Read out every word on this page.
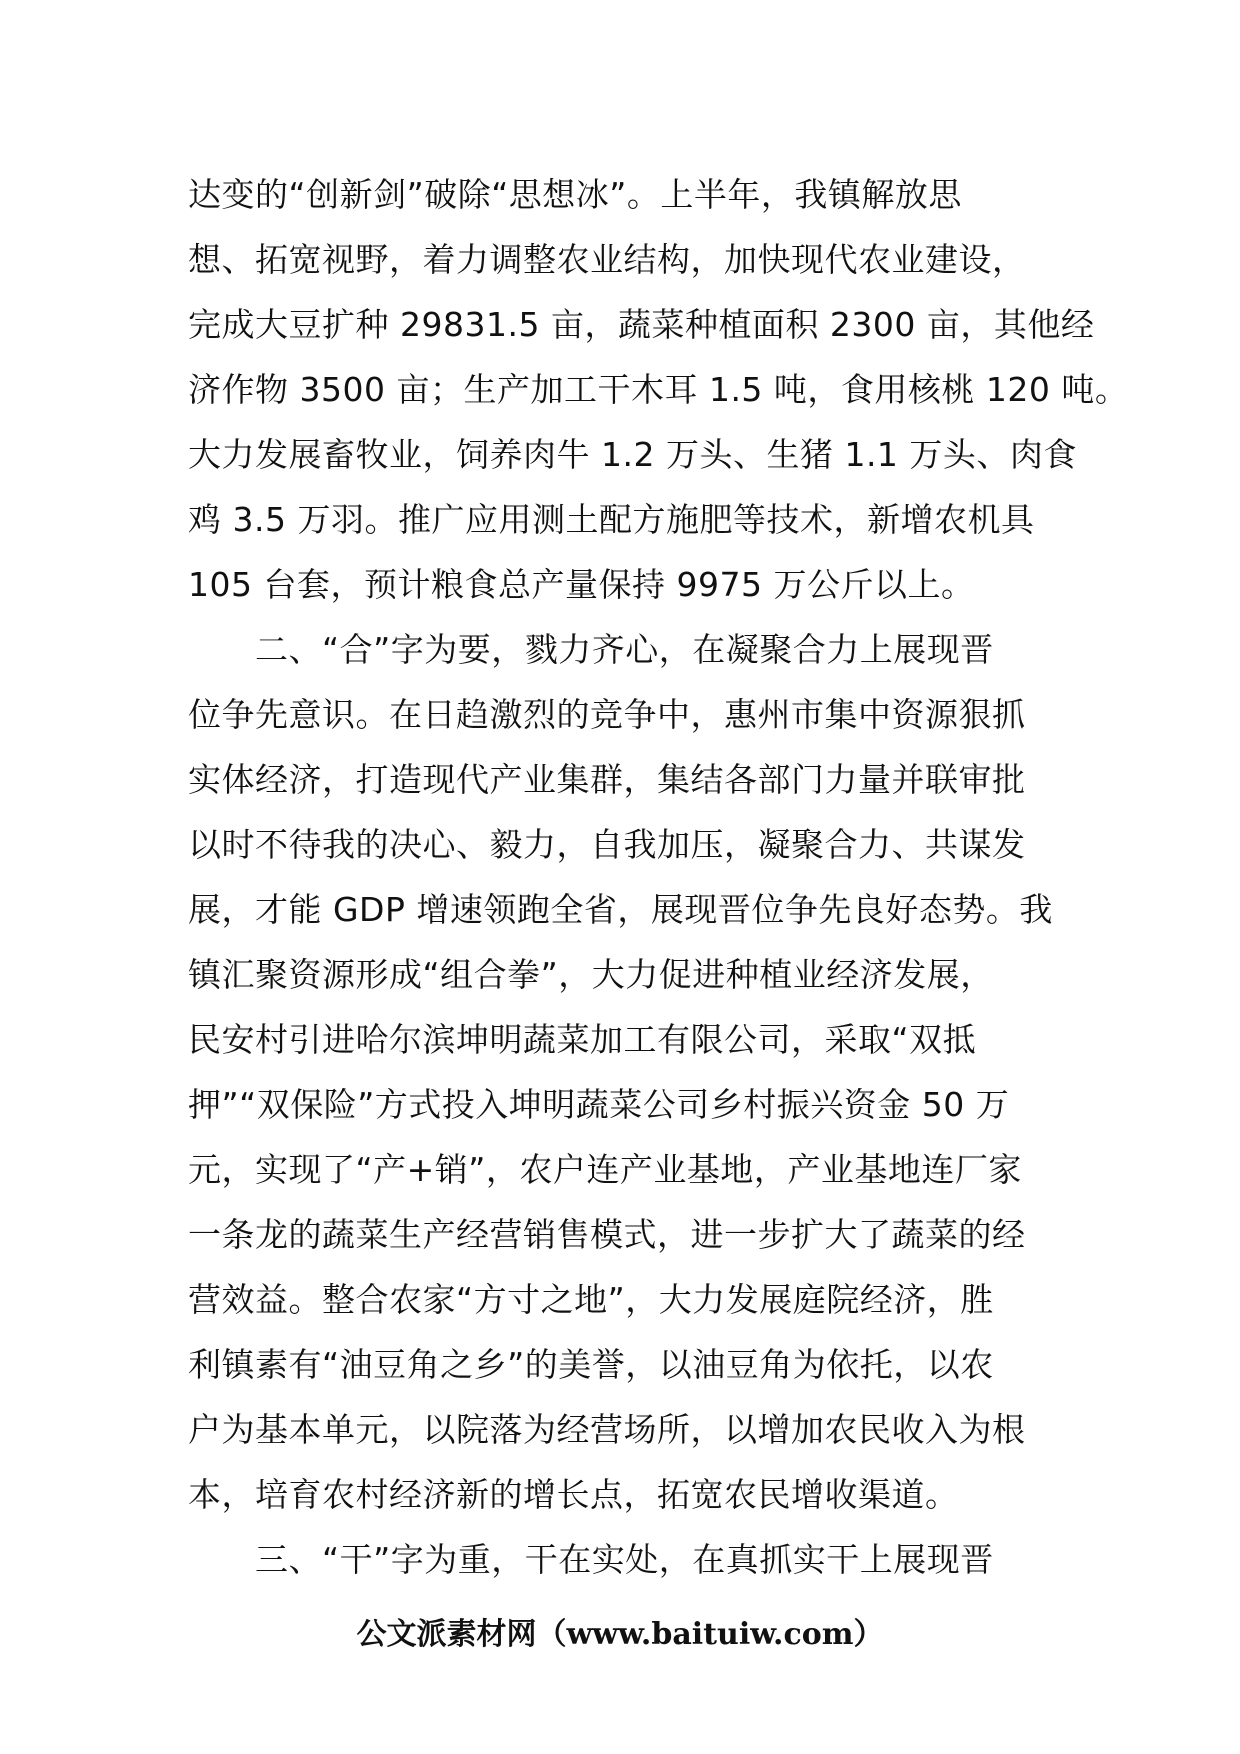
达变的“创新剑”破除“思想冰”。上半年，我镇解放思
想、拓宽视野，着力调整农业结构，加快现代农业建设，
完成大豆扩种 29831.5 亩，蔬菜种植面积 2300 亩，其他经
济作物 3500 亩；生产加工干木耳 1.5 吨，食用核桃 120 吨。
大力发展畜牧业，饲养肉牛 1.2 万头、生猪 1.1 万头、肉食
鸡 3.5 万羽。推广应用测土配方施肥等技术，新增农机具
105 台套，预计粮食总产量保持 9975 万公斤以上。
　　二、“合”字为要，戮力齐心，在凝聚合力上展现晋
位争先意识。在日趋激烈的竞争中，惠州市集中资源狠抓
实体经济，打造现代产业集群，集结各部门力量并联审批
以时不待我的决心、毅力，自我加压，凝聚合力、共谋发
展，才能 GDP 增速领跑全省，展现晋位争先良好态势。我
镇汇聚资源形成“组合拳”，大力促进种植业经济发展，
民安村引进哈尔滨坤明蔬菜加工有限公司，采取“双抵
押”“双保险”方式投入坤明蔬菜公司乡村振兴资金 50 万
元，实现了“产+销”，农户连产业基地，产业基地连厂家
一条龙的蔬菜生产经营销售模式，进一步扩大了蔬菜的经
营效益。整合农家“方寸之地”，大力发展庭院经济，胜
利镇素有“油豆角之乡”的美誉，以油豆角为依托，以农
户为基本单元，以院落为经营场所，以增加农民收入为根
本，培育农村经济新的增长点，拓宽农民增收渠道。
　　三、“干”字为重，干在实处，在真抓实干上展现晋
公文派素材网（www.baituiw.com）
